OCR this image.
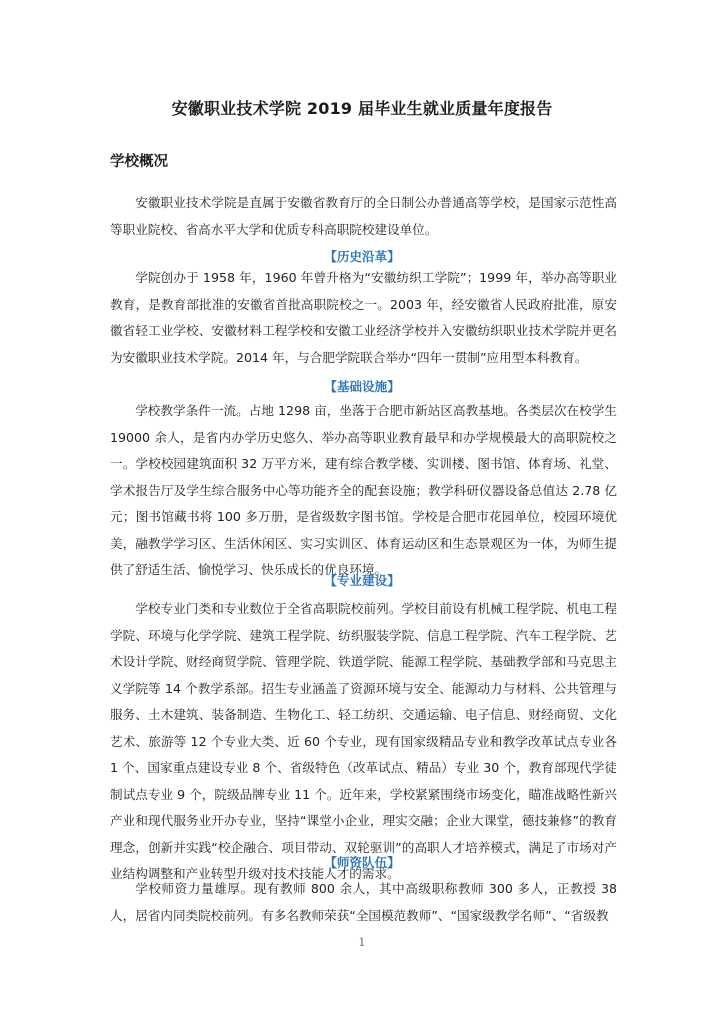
安徽职业技术学院 2019 届毕业生就业质量年度报告
学校概况

安徽职业技术学院是直属于安徽省教育厅的全日制公办普通高等学校，是国家示范性高等职业院校、省高水平大学和优质专科高职院校建设单位。

【历史沿革】

学院创办于 1958 年，1960 年曾升格为“安徽纺织工学院”；1999 年，举办高等职业教育，是教育部批准的安徽省首批高职院校之一。2003 年，经安徽省人民政府批准，原安徽省轻工业学校、安徽材料工程学校和安徽工业经济学校并入安徽纺织职业技术学院并更名为安徽职业技术学院。2014 年，与合肥学院联合举办“四年一贯制”应用型本科教育。

【基础设施】

学校教学条件一流。占地 1298 亩，坐落于合肥市新站区高教基地。各类层次在校学生 19000 余人，是省内办学历史悠久、举办高等职业教育最早和办学规模最大的高职院校之一。学校校园建筑面积 32 万平方米，建有综合教学楼、实训楼、图书馆、体育场、礼堂、学术报告厅及学生综合服务中心等功能齐全的配套设施；教学科研仪器设备总值达 2.78 亿元；图书馆藏书将 100 多万册，是省级数字图书馆。学校是合肥市花园单位，校园环境优美，融教学学习区、生活休闲区、实习实训区、体育运动区和生态景观区为一体，为师生提供了舒适生活、愉悦学习、快乐成长的优良环境。

【专业建设】

学校专业门类和专业数位于全省高职院校前列。学校目前设有机械工程学院、机电工程学院、环境与化学学院、建筑工程学院、纺织服装学院、信息工程学院、汽车工程学院、艺术设计学院、财经商贸学院、管理学院、铁道学院、能源工程学院、基础教学部和马克思主义学院等 14 个教学系部。招生专业涵盖了资源环境与安全、能源动力与材料、公共管理与服务、土木建筑、装备制造、生物化工、轻工纺织、交通运输、电子信息、财经商贸、文化艺术、旅游等 12 个专业大类、近 60 个专业，现有国家级精品专业和教学改革试点专业各 1 个、国家重点建设专业 8 个、省级特色（改革试点、精品）专业 30 个，教育部现代学徒制试点专业 9 个，院级品牌专业 11 个。近年来，学校紧紧围绕市场变化，瞄准战略性新兴产业和现代服务业开办专业，坚持“课堂小企业，理实交融；企业大课堂，德技兼修”的教育理念，创新并实践“校企融合、项目带动、双轮驱训”的高职人才培养模式，满足了市场对产业结构调整和产业转型升级对技术技能人才的需求。

【师资队伍】

学校师资力量雄厚。现有教师 800 余人，其中高级职称教师 300 多人，正教授 38 人，居省内同类院校前列。有多名教师荣获“全国模范教师”、“国家级教学名师”、“省级教

1
